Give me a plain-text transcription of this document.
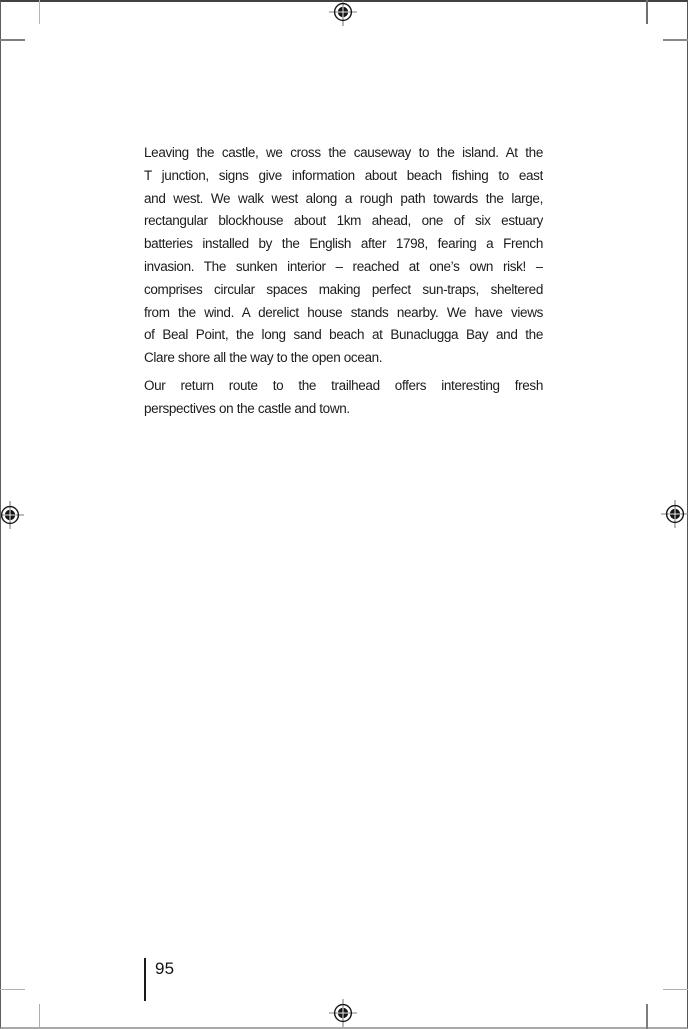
Leaving the castle, we cross the causeway to the island. At the
T junction, signs give information about beach fishing to east
and west. We walk west along a rough path towards the large,
rectangular blockhouse about 1km ahead, one of six estuary
batteries installed by the English after 1798, fearing a French
invasion. The sunken interior – reached at one’s own risk! –
comprises circular spaces making perfect sun-traps, sheltered
from the wind. A derelict house stands nearby. We have views
of Beal Point, the long sand beach at Bunaclugga Bay and the
Clare shore all the way to the open ocean.
Our return route to the trailhead offers interesting fresh
perspectives on the castle and town.
95
